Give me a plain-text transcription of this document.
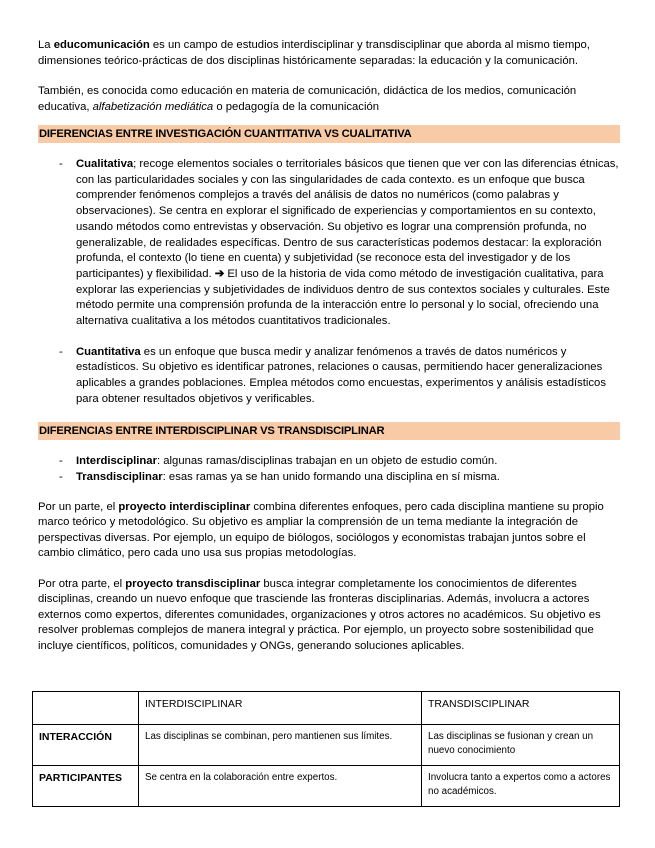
La educomunicación es un campo de estudios interdisciplinar y transdisciplinar que aborda al mismo tiempo, dimensiones teórico-prácticas de dos disciplinas históricamente separadas: la educación y la comunicación.

También, es conocida como educación en materia de comunicación, didáctica de los medios, comunicación educativa, alfabetización mediática o pedagogía de la comunicación

DIFERENCIAS ENTRE INVESTIGACIÓN CUANTITATIVA VS CUALITATIVA
- Cualitativa; recoge elementos sociales o territoriales básicos que tienen que ver con las diferencias étnicas, con las particularidades sociales y con las singularidades de cada contexto. es un enfoque que busca comprender fenómenos complejos a través del análisis de datos no numéricos (como palabras y observaciones). Se centra en explorar el significado de experiencias y comportamientos en su contexto, usando métodos como entrevistas y observación. Su objetivo es lograr una comprensión profunda, no generalizable, de realidades específicas. Dentro de sus características podemos destacar: la exploración profunda, el contexto (lo tiene en cuenta) y subjetividad (se reconoce esta del investigador y de los participantes) y flexibilidad. ➔ El uso de la historia de vida como método de investigación cualitativa, para explorar las experiencias y subjetividades de individuos dentro de sus contextos sociales y culturales. Este método permite una comprensión profunda de la interacción entre lo personal y lo social, ofreciendo una alternativa cualitativa a los métodos cuantitativos tradicionales.
- Cuantitativa es un enfoque que busca medir y analizar fenómenos a través de datos numéricos y estadísticos. Su objetivo es identificar patrones, relaciones o causas, permitiendo hacer generalizaciones aplicables a grandes poblaciones. Emplea métodos como encuestas, experimentos y análisis estadísticos para obtener resultados objetivos y verificables.
DIFERENCIAS ENTRE INTERDISCIPLINAR VS TRANSDISCIPLINAR
- Interdisciplinar: algunas ramas/disciplinas trabajan en un objeto de estudio común.
- Transdisciplinar: esas ramas ya se han unido formando una disciplina en sí misma.

Por un parte, el proyecto interdisciplinar combina diferentes enfoques, pero cada disciplina mantiene su propio marco teórico y metodológico. Su objetivo es ampliar la comprensión de un tema mediante la integración de perspectivas diversas. Por ejemplo, un equipo de biólogos, sociólogos y economistas trabajan juntos sobre el cambio climático, pero cada uno usa sus propias metodologías.

Por otra parte, el proyecto transdisciplinar busca integrar completamente los conocimientos de diferentes disciplinas, creando un nuevo enfoque que trasciende las fronteras disciplinarias. Además, involucra a actores externos como expertos, diferentes comunidades, organizaciones y otros actores no académicos. Su objetivo es resolver problemas complejos de manera integral y práctica. Por ejemplo, un proyecto sobre sostenibilidad que incluye científicos, políticos, comunidades y ONGs, generando soluciones aplicables.

	INTERDISCIPLINAR	TRANSDISCIPLINAR
INTERACCIÓN	Las disciplinas se combinan, pero mantienen sus límites.	Las disciplinas se fusionan y crean un nuevo conocimiento
PARTICIPANTES	Se centra en la colaboración entre expertos.	Involucra tanto a expertos como a actores no académicos.
